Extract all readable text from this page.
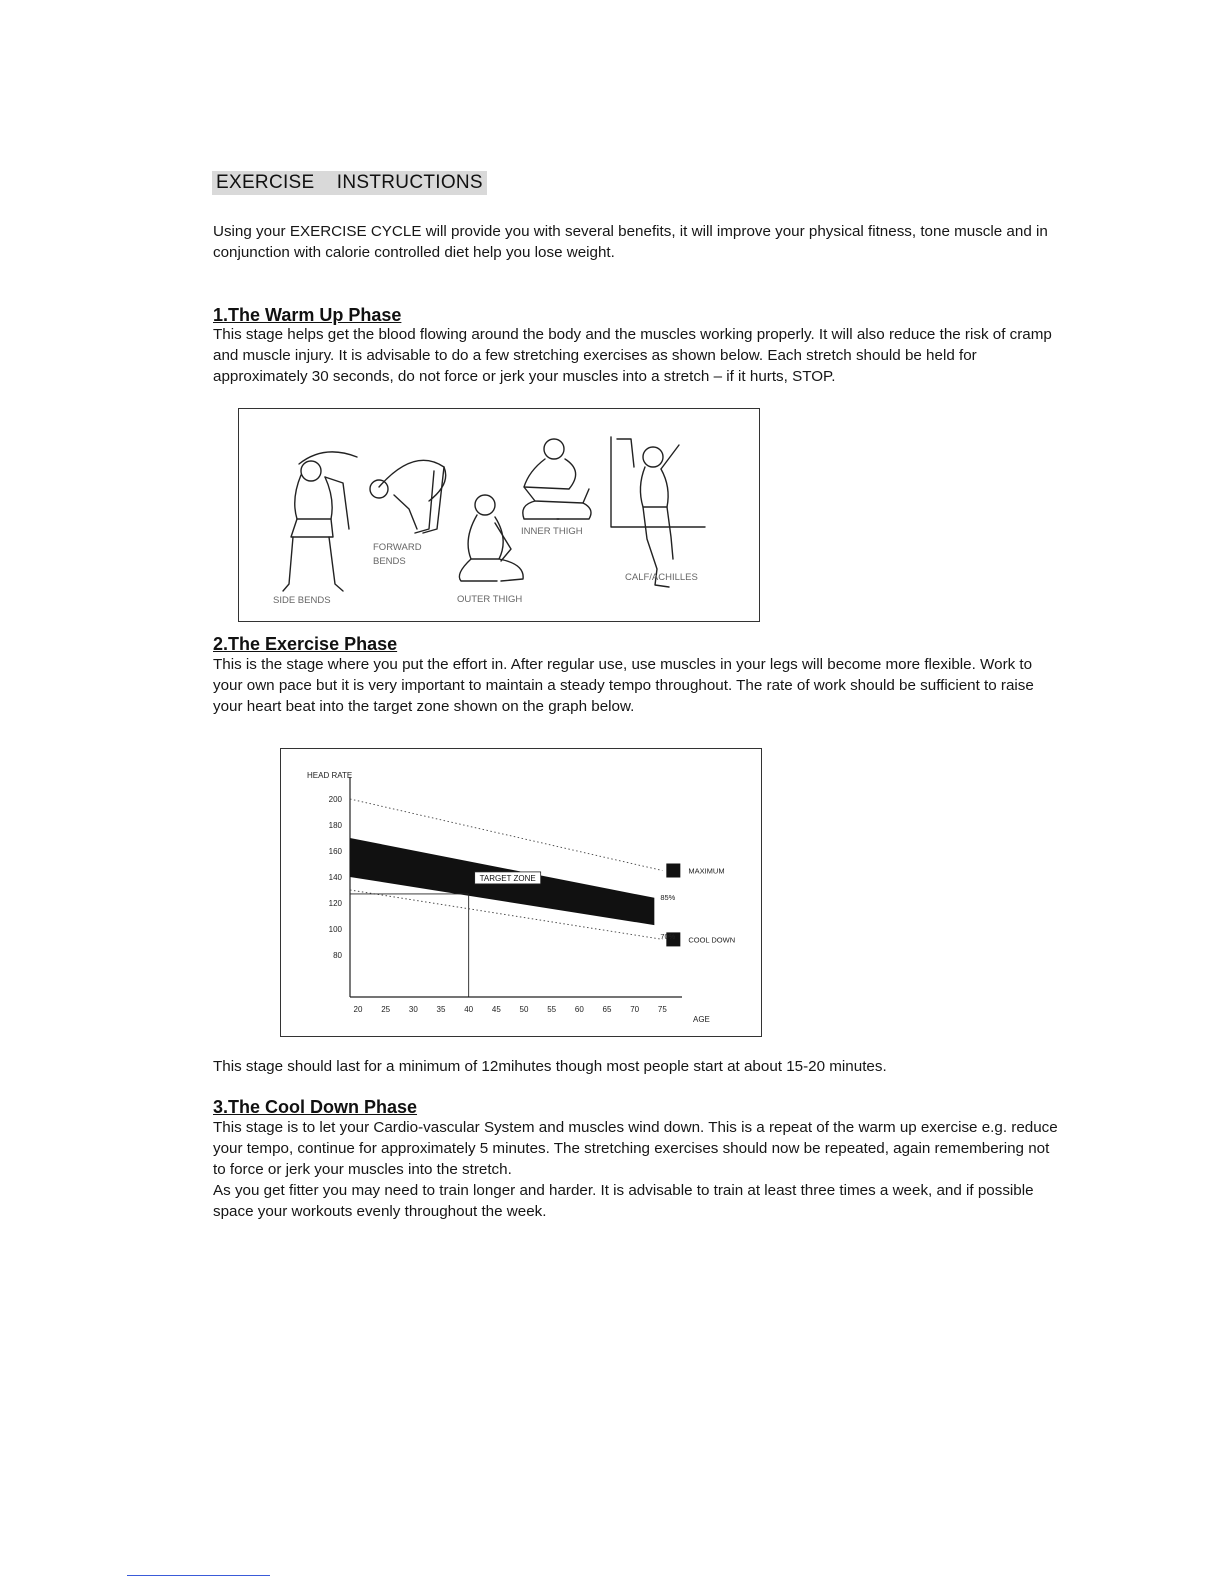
EXERCISE    INSTRUCTIONS

Using your EXERCISE CYCLE will provide you with several benefits, it will improve your physical fitness, tone muscle and in conjunction with calorie controlled diet help you lose weight.

1.The Warm Up Phase

This stage helps get the blood flowing around the body and the muscles working properly. It will also reduce the risk of cramp and muscle injury. It is advisable to do a few stretching exercises as shown below. Each stretch should be held for approximately 30 seconds, do not force or jerk your muscles into a stretch – if it hurts, STOP.

SIDE BENDS
FORWARD
BENDS
OUTER THIGH
INNER THIGH
CALF/ACHILLES
2.The Exercise Phase

This is the stage where you put the effort in. After regular use, use muscles in your legs will become more flexible. Work to your own pace but it is very important to maintain a steady tempo throughout. The rate of work should be sufficient to raise your heart beat into the target zone shown on the graph below.

HEAD RATE
AGE
200
180
160
140
120
100
80
20 25 30 35 40 45 50 55 60 65 70 75
MAXIMUM
COOL DOWN
85%
70%
TARGET ZONE

This stage should last for a minimum of 12mihutes though most people start at about 15-20 minutes.

3.The Cool Down Phase

This stage is to let your Cardio-vascular System and muscles wind down. This is a repeat of the warm up exercise e.g. reduce your tempo, continue for approximately 5 minutes. The stretching exercises should now be repeated, again remembering not to force or jerk your muscles into the stretch.

As you get fitter you may need to train longer and harder. It is advisable to train at least three times a week, and if possible space your workouts evenly throughout the week.
